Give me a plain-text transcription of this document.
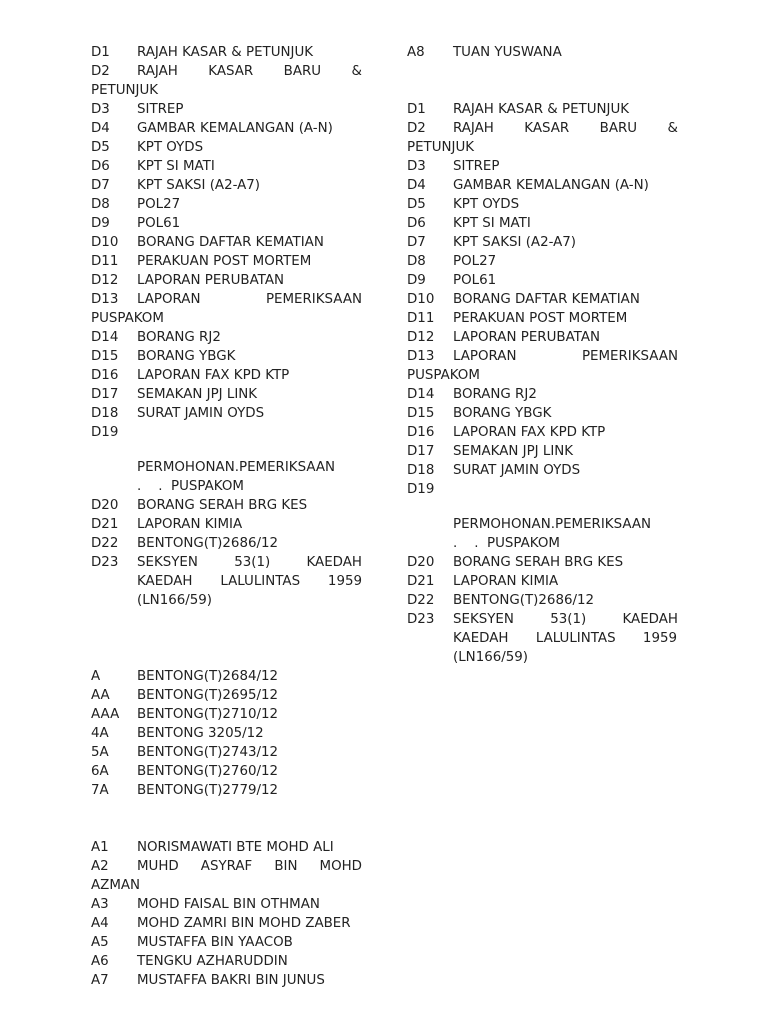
D1 RAJAH KASAR & PETUNJUK
D2 RAJAH KASAR BARU &
PETUNJUK
D3 SITREP
D4 GAMBAR KEMALANGAN (A-N)
D5 KPT OYDS
D6 KPT SI MATI
D7 KPT SAKSI (A2-A7)
D8 POL27
D9 POL61
D10 BORANG DAFTAR KEMATIAN
D11 PERAKUAN POST MORTEM
D12 LAPORAN PERUBATAN
D13 LAPORAN	PEMERIKSAAN
PUSPAKOM
D14 BORANG RJ2
D15 BORANG YBGK
D16 LAPORAN FAX KPD KTP
D17 SEMAKAN JPJ LINK
D18 SURAT JAMIN OYDS
D19
PERMOHONAN.PEMERIKSAAN
.    .  PUSPAKOM
D20 BORANG SERAH BRG KES
D21 LAPORAN KIMIA
D22 BENTONG(T)2686/12
D23 SEKSYEN	53(1)	KAEDAH
KAEDAH LALULINTAS 1959
(LN166/59)
A	BENTONG(T)2684/12
AA BENTONG(T)2695/12
AAA BENTONG(T)2710/12
4A BENTONG 3205/12
5A BENTONG(T)2743/12
6A BENTONG(T)2760/12
7A BENTONG(T)2779/12
A1 NORISMAWATI BTE MOHD ALI
A2 MUHD ASYRAF BIN MOHD
AZMAN
A3 MOHD FAISAL BIN OTHMAN
A4 MOHD ZAMRI BIN MOHD ZABER
A5 MUSTAFFA BIN YAACOB
A6 TENGKU AZHARUDDIN
A7 MUSTAFFA BAKRI BIN JUNUS
A8 TUAN YUSWANA
D1 RAJAH KASAR & PETUNJUK
D2 RAJAH KASAR BARU &
PETUNJUK
D3 SITREP
D4 GAMBAR KEMALANGAN (A-N)
D5 KPT OYDS
D6 KPT SI MATI
D7 KPT SAKSI (A2-A7)
D8 POL27
D9 POL61
D10 BORANG DAFTAR KEMATIAN
D11 PERAKUAN POST MORTEM
D12 LAPORAN PERUBATAN
D13 LAPORAN	PEMERIKSAAN
PUSPAKOM
D14 BORANG RJ2
D15 BORANG YBGK
D16 LAPORAN FAX KPD KTP
D17 SEMAKAN JPJ LINK
D18 SURAT JAMIN OYDS
D19
PERMOHONAN.PEMERIKSAAN
.    .  PUSPAKOM
D20 BORANG SERAH BRG KES
D21 LAPORAN KIMIA
D22 BENTONG(T)2686/12
D23 SEKSYEN	53(1)	KAEDAH
KAEDAH LALULINTAS 1959
(LN166/59)
